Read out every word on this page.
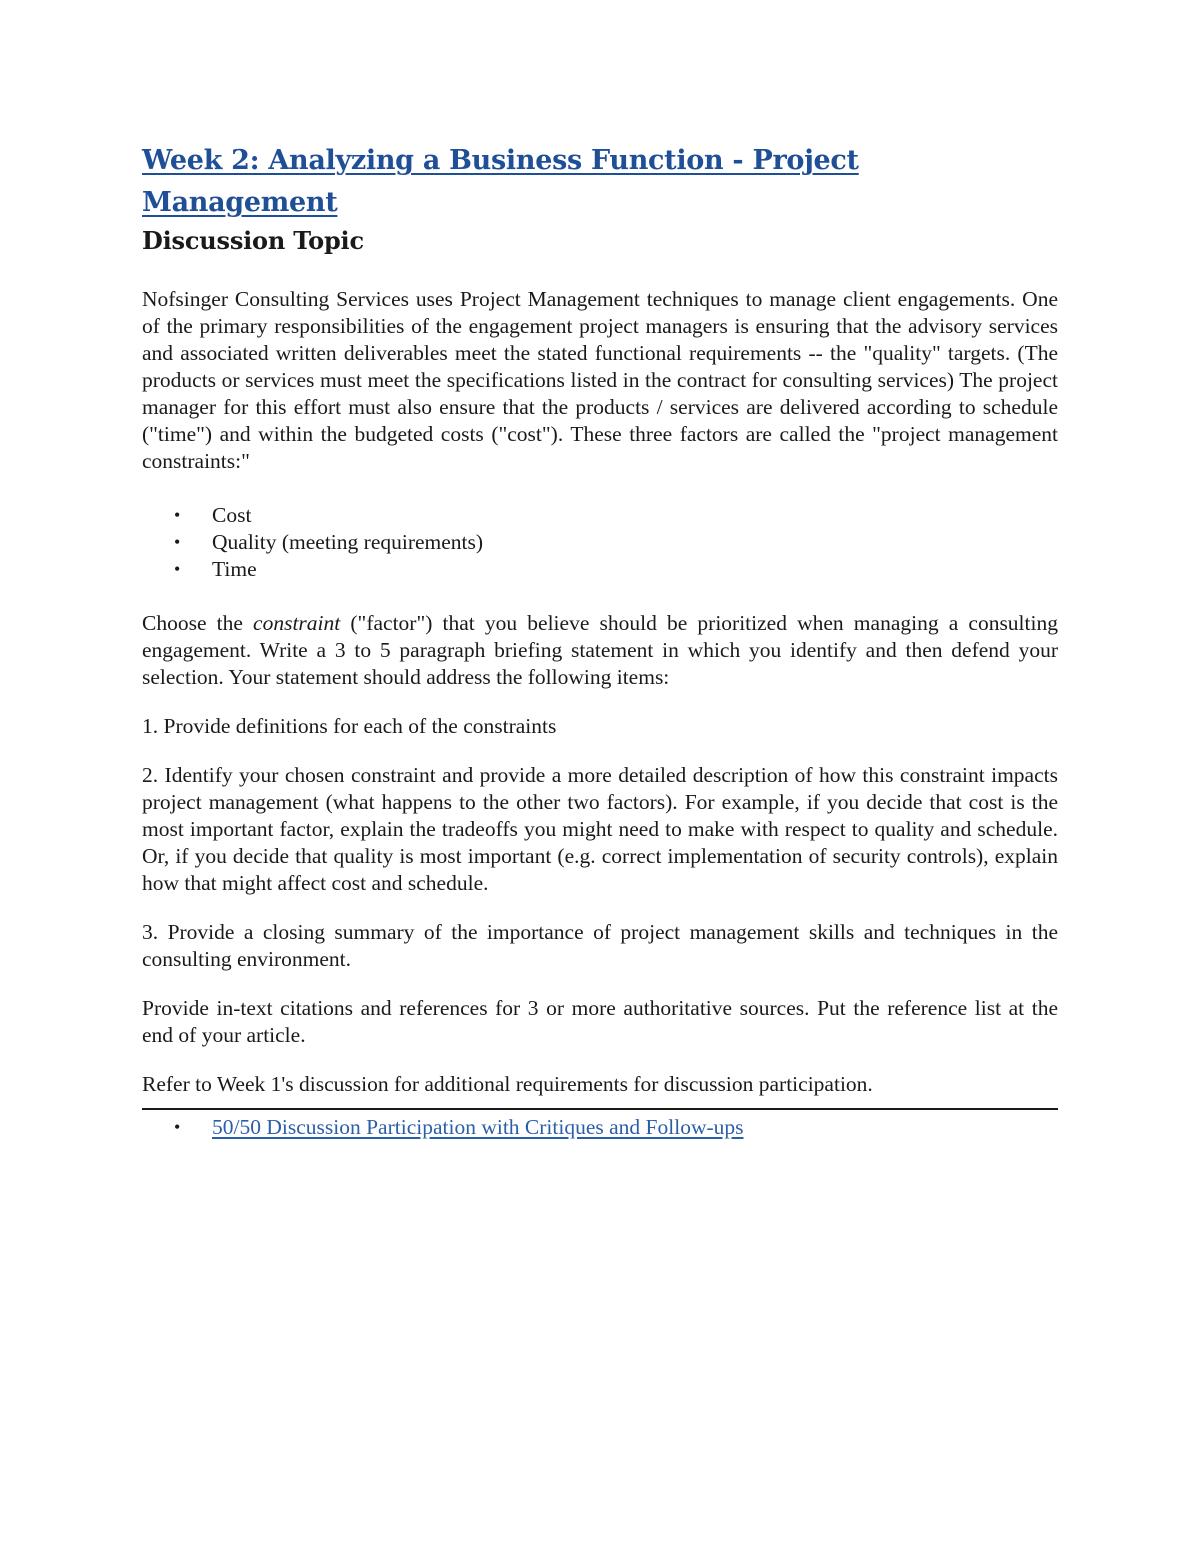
Week 2: Analyzing a Business Function - Project Management
Discussion Topic

Nofsinger Consulting Services uses Project Management techniques to manage client engagements. One of the primary responsibilities of the engagement project managers is ensuring that the advisory services and associated written deliverables meet the stated functional requirements -- the "quality" targets. (The products or services must meet the specifications listed in the contract for consulting services) The project manager for this effort must also ensure that the products / services are delivered according to schedule ("time") and within the budgeted costs ("cost"). These three factors are called the "project management constraints:"

• Cost
• Quality (meeting requirements)
• Time

Choose the constraint ("factor") that you believe should be prioritized when managing a consulting engagement. Write a 3 to 5 paragraph briefing statement in which you identify and then defend your selection. Your statement should address the following items:

1. Provide definitions for each of the constraints

2. Identify your chosen constraint and provide a more detailed description of how this constraint impacts project management (what happens to the other two factors). For example, if you decide that cost is the most important factor, explain the tradeoffs you might need to make with respect to quality and schedule. Or, if you decide that quality is most important (e.g. correct implementation of security controls), explain how that might affect cost and schedule.

3. Provide a closing summary of the importance of project management skills and techniques in the consulting environment.

Provide in-text citations and references for 3 or more authoritative sources. Put the reference list at the end of your article.

Refer to Week 1's discussion for additional requirements for discussion participation.

• 50/50 Discussion Participation with Critiques and Follow-ups
